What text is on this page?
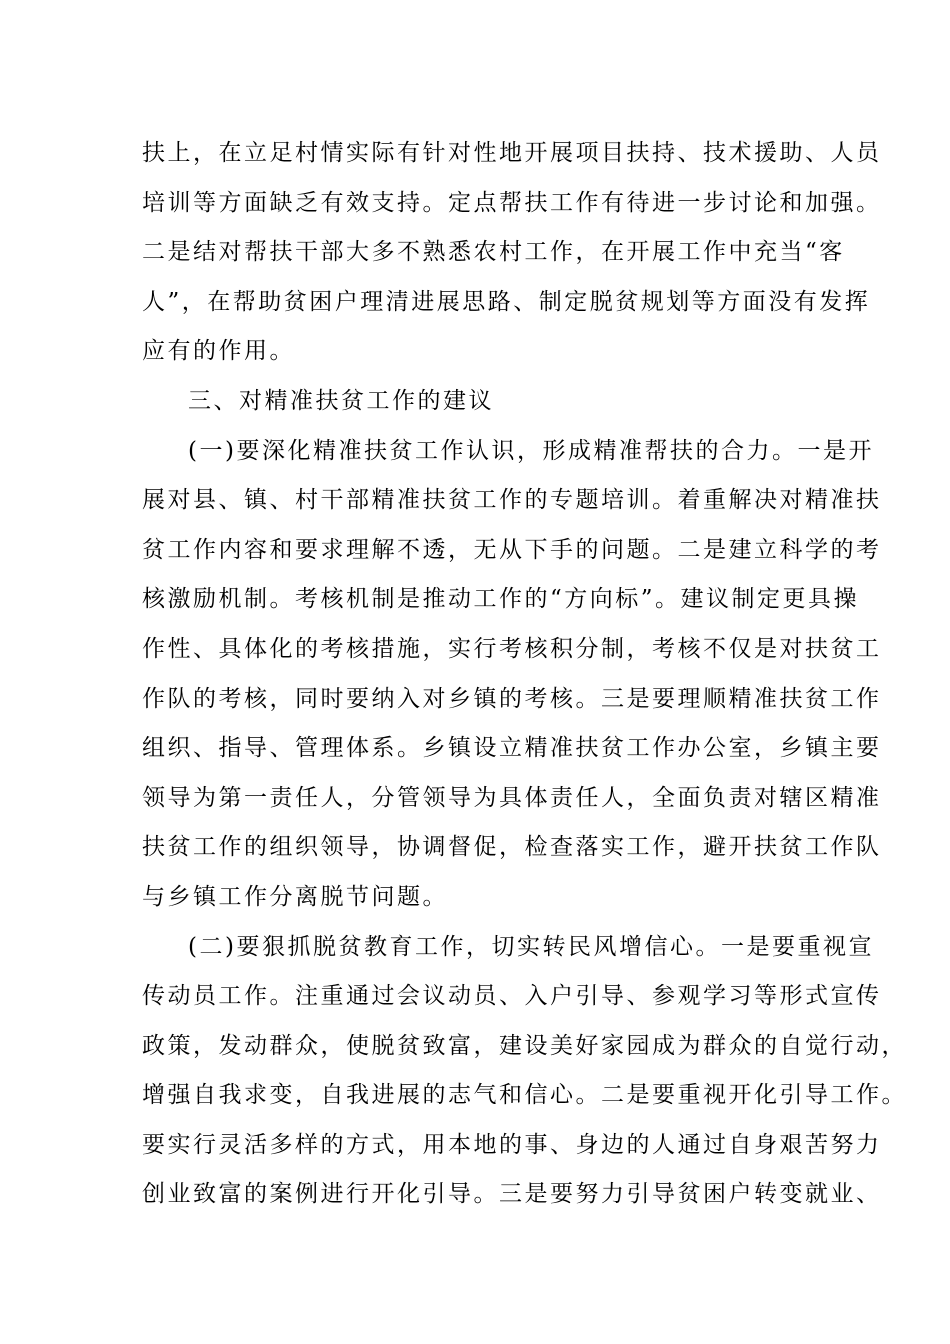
扶上，在立足村情实际有针对性地开展项目扶持、技术援助、人员
培训等方面缺乏有效支持。定点帮扶工作有待进一步讨论和加强。
二是结对帮扶干部大多不熟悉农村工作，在开展工作中充当“客
人”，在帮助贫困户理清进展思路、制定脱贫规划等方面没有发挥
应有的作用。
三、对精准扶贫工作的建议
(一)要深化精准扶贫工作认识，形成精准帮扶的合力。一是开
展对县、镇、村干部精准扶贫工作的专题培训。着重解决对精准扶
贫工作内容和要求理解不透，无从下手的问题。二是建立科学的考
核激励机制。考核机制是推动工作的“方向标”。建议制定更具操
作性、具体化的考核措施，实行考核积分制，考核不仅是对扶贫工
作队的考核，同时要纳入对乡镇的考核。三是要理顺精准扶贫工作
组织、指导、管理体系。乡镇设立精准扶贫工作办公室，乡镇主要
领导为第一责任人，分管领导为具体责任人，全面负责对辖区精准
扶贫工作的组织领导，协调督促，检查落实工作，避开扶贫工作队
与乡镇工作分离脱节问题。
(二)要狠抓脱贫教育工作，切实转民风增信心。一是要重视宣
传动员工作。注重通过会议动员、入户引导、参观学习等形式宣传
政策，发动群众，使脱贫致富，建设美好家园成为群众的自觉行动，
增强自我求变，自我进展的志气和信心。二是要重视开化引导工作。
要实行灵活多样的方式，用本地的事、身边的人通过自身艰苦努力
创业致富的案例进行开化引导。三是要努力引导贫困户转变就业、
